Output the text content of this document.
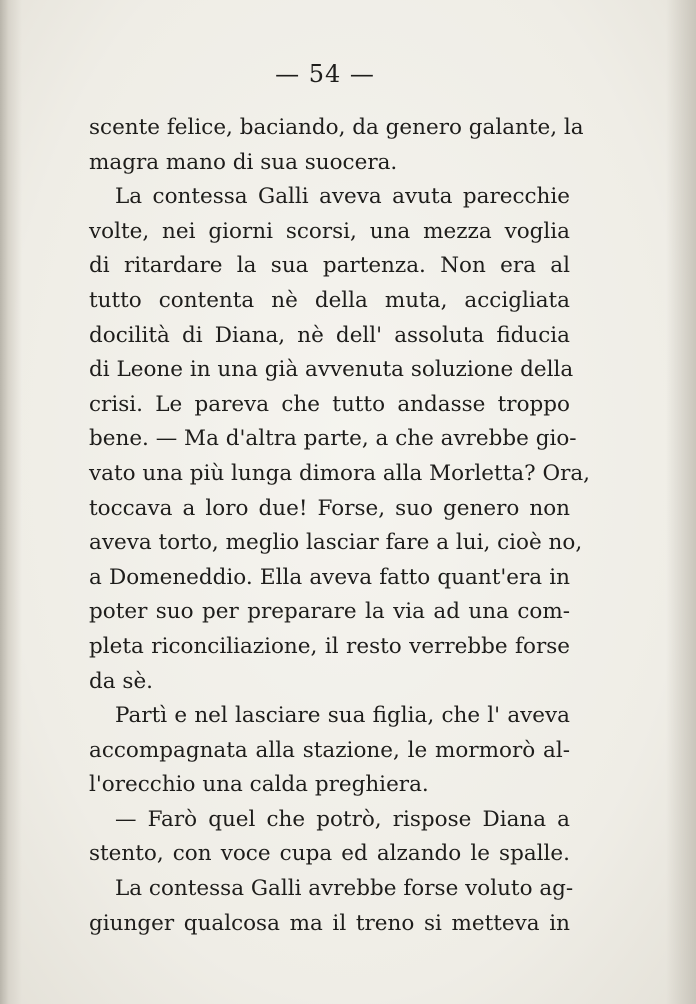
— 54 —
scente felice, baciando, da genero galante, la
magra mano di sua suocera.
La contessa Galli aveva avuta parecchie
volte, nei giorni scorsi, una mezza voglia
di ritardare la sua partenza. Non era al
tutto contenta nè della muta, accigliata
docilità di Diana, nè dell' assoluta fiducia
di Leone in una già avvenuta soluzione della
crisi. Le pareva che tutto andasse troppo
bene. — Ma d'altra parte, a che avrebbe gio-
vato una più lunga dimora alla Morletta? Ora,
toccava a loro due! Forse, suo genero non
aveva torto, meglio lasciar fare a lui, cioè no,
a Domeneddio. Ella aveva fatto quant'era in
poter suo per preparare la via ad una com-
pleta riconciliazione, il resto verrebbe forse
da sè.
Partì e nel lasciare sua figlia, che l' aveva
accompagnata alla stazione, le mormorò al-
l'orecchio una calda preghiera.
— Farò quel che potrò, rispose Diana a
stento, con voce cupa ed alzando le spalle.
La contessa Galli avrebbe forse voluto ag-
giunger qualcosa ma il treno si metteva in
